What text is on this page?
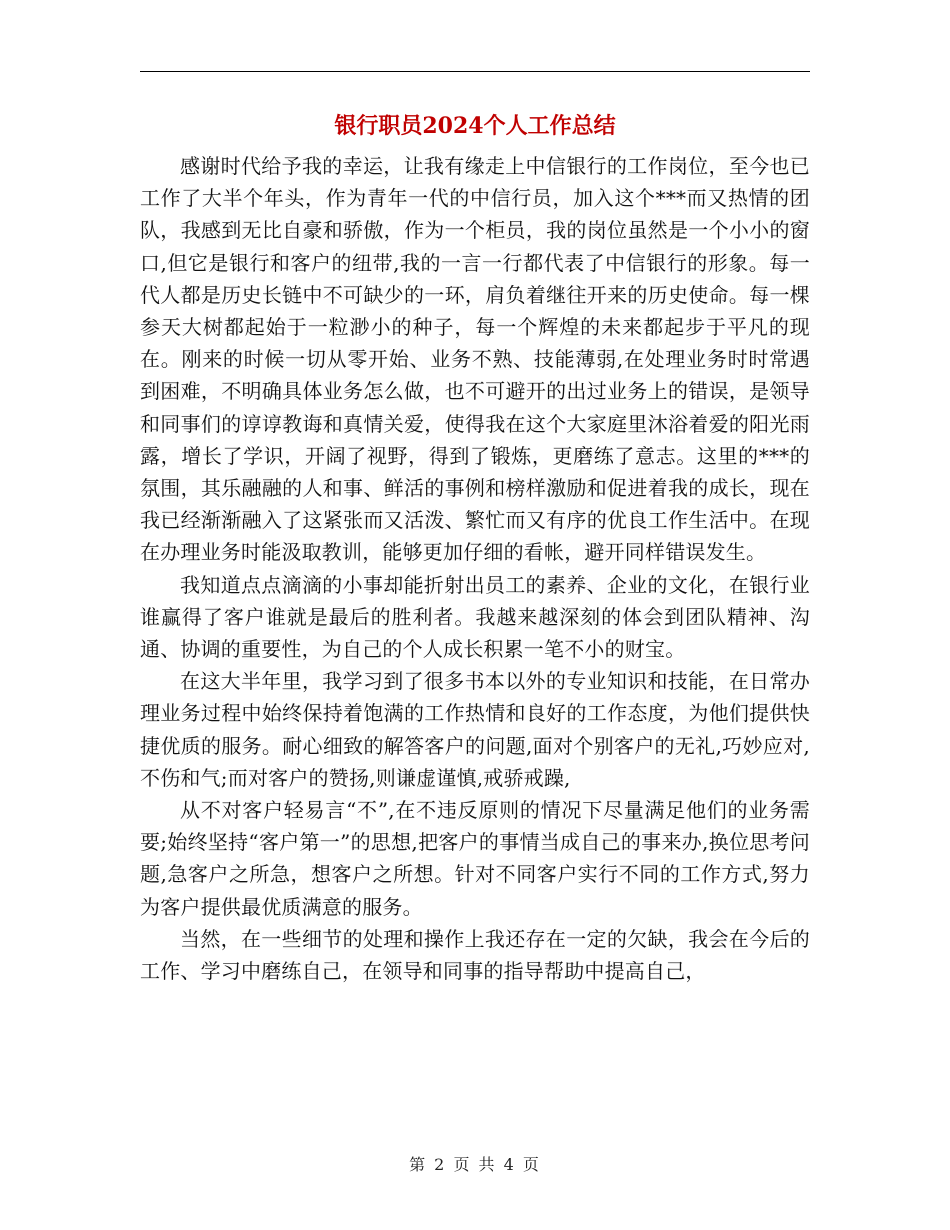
银行职员2024个人工作总结

感谢时代给予我的幸运，让我有缘走上中信银行的工作岗位，至今也已工作了大半个年头，作为青年一代的中信行员，加入这个***而又热情的团队，我感到无比自豪和骄傲，作为一个柜员，我的岗位虽然是一个小小的窗口,但它是银行和客户的纽带,我的一言一行都代表了中信银行的形象。每一代人都是历史长链中不可缺少的一环，肩负着继往开来的历史使命。每一棵参天大树都起始于一粒渺小的种子，每一个辉煌的未来都起步于平凡的现在。刚来的时候一切从零开始、业务不熟、技能薄弱,在处理业务时时常遇到困难，不明确具体业务怎么做，也不可避开的出过业务上的错误，是领导和同事们的谆谆教诲和真情关爱，使得我在这个大家庭里沐浴着爱的阳光雨露，增长了学识，开阔了视野，得到了锻炼，更磨练了意志。这里的***的氛围，其乐融融的人和事、鲜活的事例和榜样激励和促进着我的成长，现在我已经渐渐融入了这紧张而又活泼、繁忙而又有序的优良工作生活中。在现在办理业务时能汲取教训，能够更加仔细的看帐，避开同样错误发生。

我知道点点滴滴的小事却能折射出员工的素养、企业的文化，在银行业谁赢得了客户谁就是最后的胜利者。我越来越深刻的体会到团队精神、沟通、协调的重要性，为自己的个人成长积累一笔不小的财宝。

在这大半年里，我学习到了很多书本以外的专业知识和技能，在日常办理业务过程中始终保持着饱满的工作热情和良好的工作态度，为他们提供快捷优质的服务。耐心细致的解答客户的问题,面对个别客户的无礼,巧妙应对,不伤和气;而对客户的赞扬,则谦虚谨慎,戒骄戒躁,

从不对客户轻易言“不”,在不违反原则的情况下尽量满足他们的业务需要;始终坚持“客户第一”的思想,把客户的事情当成自己的事来办,换位思考问题,急客户之所急，想客户之所想。针对不同客户实行不同的工作方式,努力为客户提供最优质满意的服务。

当然，在一些细节的处理和操作上我还存在一定的欠缺，我会在今后的工作、学习中磨练自己，在领导和同事的指导帮助中提高自己，

第 2 页 共 4 页
